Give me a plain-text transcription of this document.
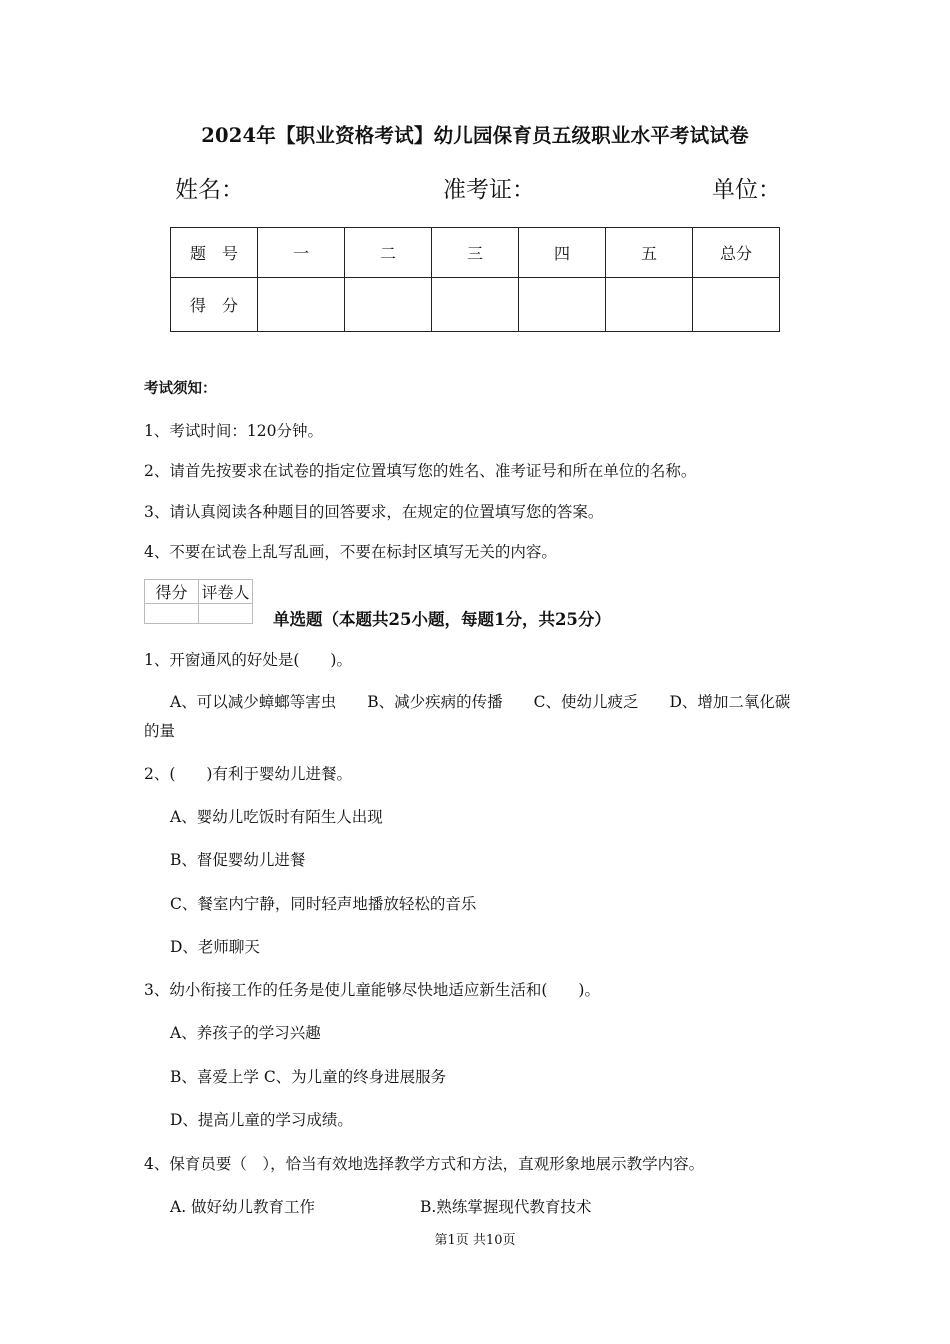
2024年【职业资格考试】幼儿园保育员五级职业水平考试试卷
姓名：	准考证：	单位：
题　号	一	二	三	四	五	总分
得　分						
考试须知：
1、考试时间：120分钟。
2、请首先按要求在试卷的指定位置填写您的姓名、准考证号和所在单位的名称。
3、请认真阅读各种题目的回答要求，在规定的位置填写您的答案。
4、不要在试卷上乱写乱画，不要在标封区填写无关的内容。
得分	评卷人

单选题（本题共25小题，每题1分，共25分）
1、开窗通风的好处是(　　)。
A、可以减少蟑螂等害虫　　B、减少疾病的传播　　C、使幼儿疲乏　　D、增加二氧化碳
的量
2、(　　)有利于婴幼儿进餐。
A、婴幼儿吃饭时有陌生人出现
B、督促婴幼儿进餐
C、餐室内宁静，同时轻声地播放轻松的音乐
D、老师聊天
3、幼小衔接工作的任务是使儿童能够尽快地适应新生活和(　　)。
A、养孩子的学习兴趣
B、喜爱上学 C、为儿童的终身进展服务
D、提高儿童的学习成绩。
4、保育员要（　），恰当有效地选择教学方式和方法，直观形象地展示教学内容。
A. 做好幼儿教育工作	B.熟练掌握现代教育技术
第1页 共10页
